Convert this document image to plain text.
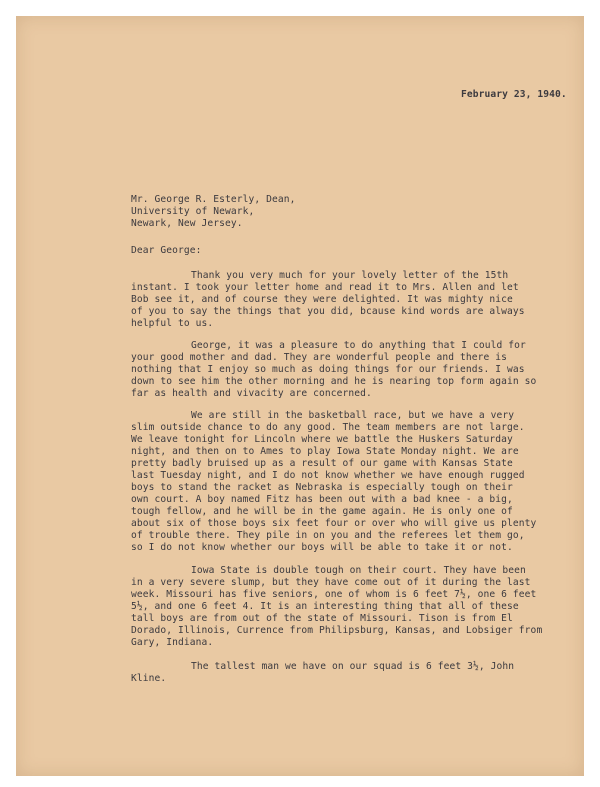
February 23, 1940.
Mr. George R. Esterly, Dean,
University of Newark,
Newark, New Jersey.
Dear George:
Thank you very much for your lovely letter of the 15th
instant. I took your letter home and read it to Mrs. Allen and let
Bob see it, and of course they were delighted. It was mighty nice
of you to say the things that you did, bcause kind words are always
helpful to us.
George, it was a pleasure to do anything that I could for
your good mother and dad. They are wonderful people and there is
nothing that I enjoy so much as doing things for our friends. I was
down to see him the other morning and he is nearing top form again so
far as health and vivacity are concerned.
We are still in the basketball race, but we have a very
slim outside chance to do any good. The team members are not large.
We leave tonight for Lincoln where we battle the Huskers Saturday
night, and then on to Ames to play Iowa State Monday night. We are
pretty badly bruised up as a result of our game with Kansas State
last Tuesday night, and I do not know whether we have enough rugged
boys to stand the racket as Nebraska is especially tough on their
own court. A boy named Fitz has been out with a bad knee - a big,
tough fellow, and he will be in the game again. He is only one of
about six of those boys six feet four or over who will give us plenty
of trouble there. They pile in on you and the referees let them go,
so I do not know whether our boys will be able to take it or not.
Iowa State is double tough on their court. They have been
in a very severe slump, but they have come out of it during the last
week. Missouri has five seniors, one of whom is 6 feet 7½, one 6 feet
5½, and one 6 feet 4. It is an interesting thing that all of these
tall boys are from out of the state of Missouri. Tison is from El
Dorado, Illinois, Currence from Philipsburg, Kansas, and Lobsiger from
Gary, Indiana.
The tallest man we have on our squad is 6 feet 3½, John
Kline.
